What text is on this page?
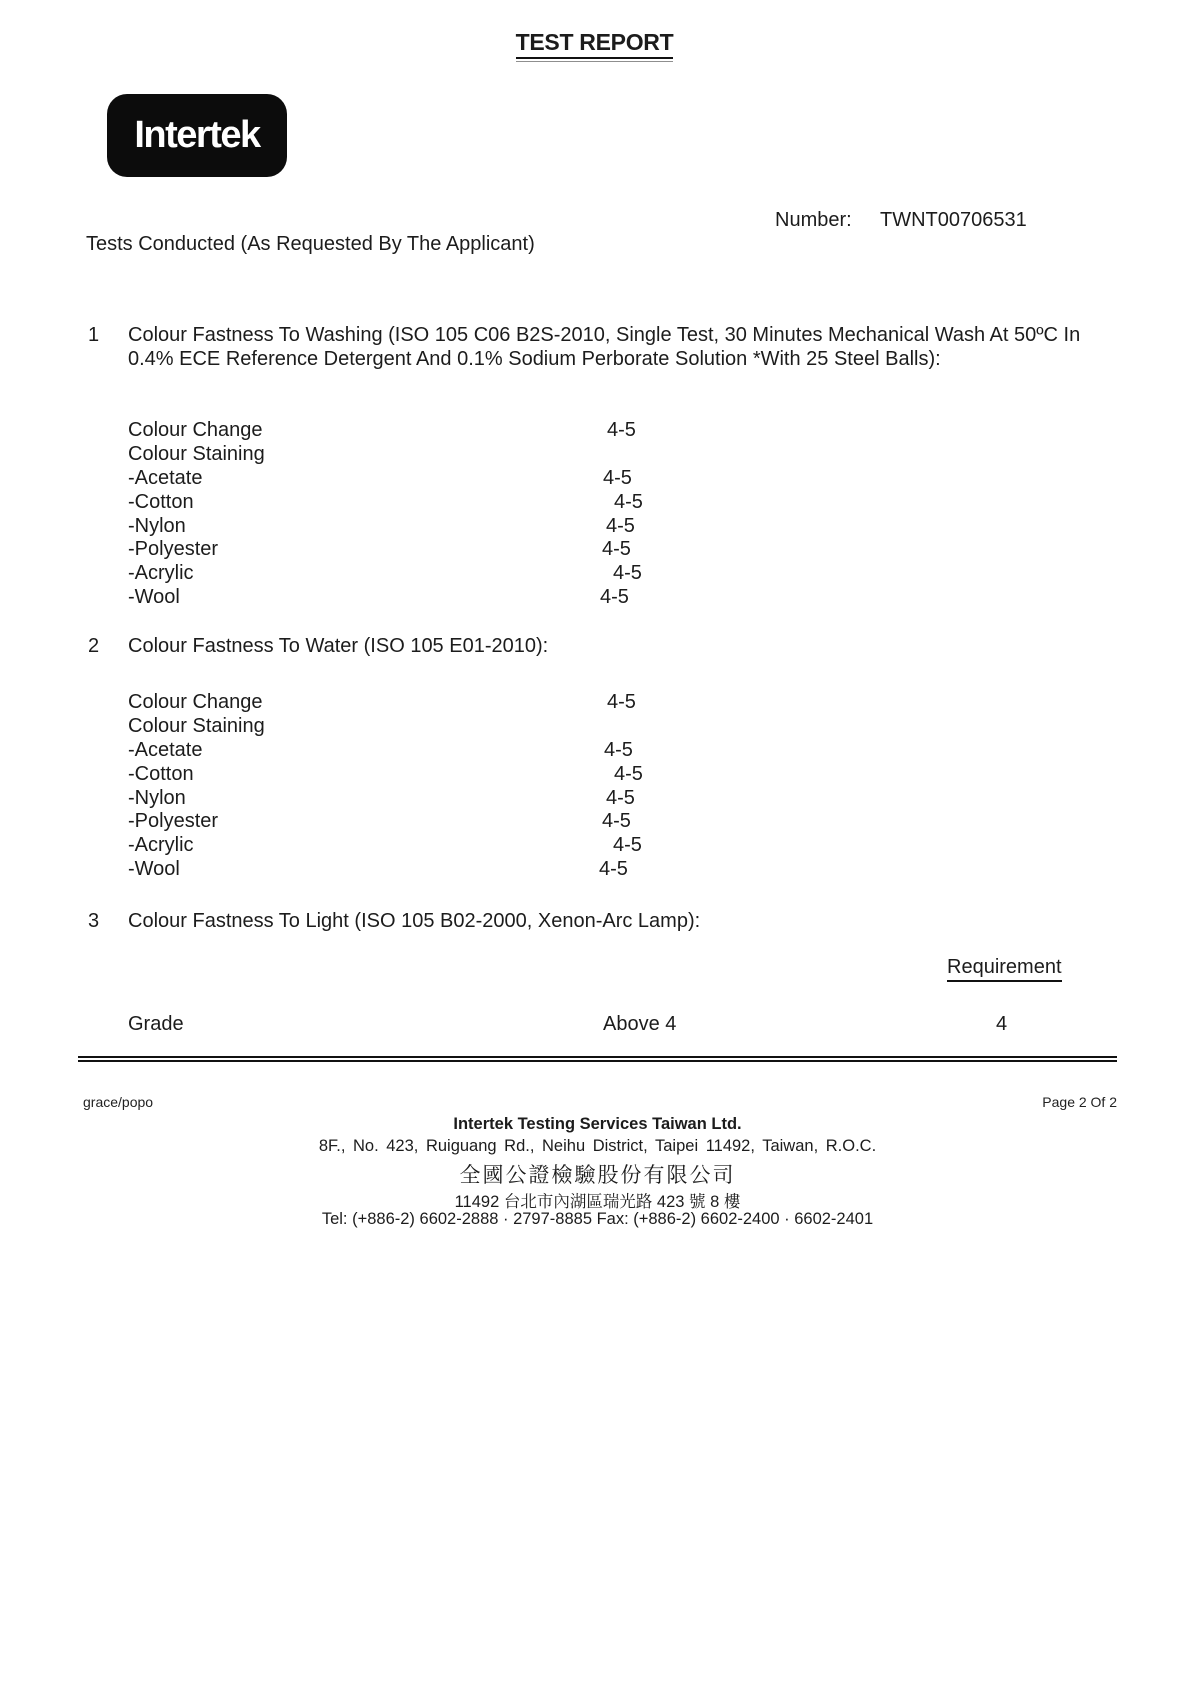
TEST REPORT
Intertek
Number: TWNT00706531
Tests Conducted (As Requested By The Applicant)
1 Colour Fastness To Washing (ISO 105 C06 B2S-2010, Single Test, 30 Minutes Mechanical Wash At 50ºC In
0.4% ECE Reference Detergent And 0.1% Sodium Perborate Solution *With 25 Steel Balls):
Colour Change	4-5
Colour Staining
-Acetate	4-5
-Cotton	4-5
-Nylon	4-5
-Polyester	4-5
-Acrylic	4-5
-Wool	4-5
2 Colour Fastness To Water (ISO 105 E01-2010):
Colour Change	4-5
Colour Staining
-Acetate	4-5
-Cotton	4-5
-Nylon	4-5
-Polyester	4-5
-Acrylic	4-5
-Wool	4-5
3 Colour Fastness To Light (ISO 105 B02-2000, Xenon-Arc Lamp):
Requirement
Grade	Above 4	4
grace/popo	Page 2 Of 2
Intertek Testing Services Taiwan Ltd.
8F., No. 423, Ruiguang Rd., Neihu District, Taipei 11492, Taiwan, R.O.C.
全國公證檢驗股份有限公司
11492 台北市內湖區瑞光路 423 號 8 樓
Tel: (+886-2) 6602-2888 · 2797-8885 Fax: (+886-2) 6602-2400 · 6602-2401
